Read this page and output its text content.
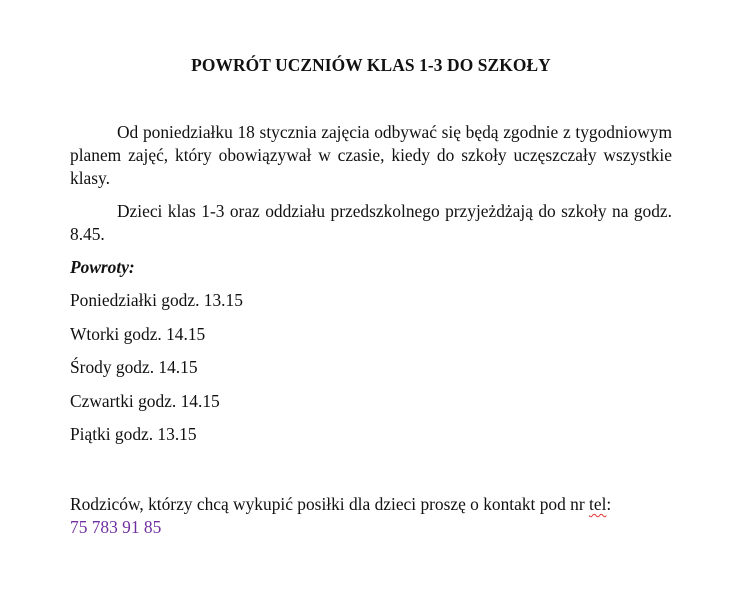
POWRÓT UCZNIÓW KLAS 1-3 DO SZKOŁY

Od poniedziałku 18 stycznia zajęcia odbywać się będą zgodnie z tygodniowym planem zajęć, który obowiązywał w czasie, kiedy do szkoły uczęszczały wszystkie klasy.

Dzieci klas 1-3 oraz oddziału przedszkolnego przyjeżdżają do szkoły na godz. 8.45.

Powroty:
Poniedziałki godz. 13.15
Wtorki godz. 14.15
Środy godz. 14.15
Czwartki godz. 14.15
Piątki godz. 13.15
Rodziców, którzy chcą wykupić posiłki dla dzieci proszę o kontakt pod nr tel:
75 783 91 85
